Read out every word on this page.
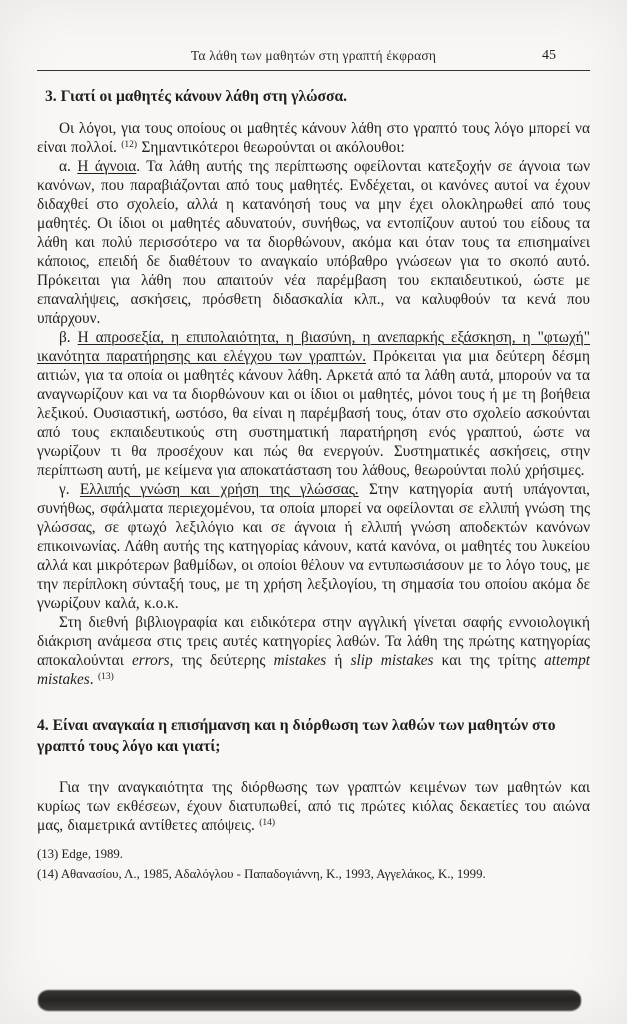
Τα λάθη των μαθητών στη γραπτή έκφραση	45
3. Γιατί οι μαθητές κάνουν λάθη στη γλώσσα.

Οι λόγοι, για τους οποίους οι μαθητές κάνουν λάθη στο γραπτό τους λόγο μπορεί να είναι πολλοί. $^{(12)}$ Σημαντικότεροι θεωρούνται οι ακόλουθοι:

α. Η άγνοια. Τα λάθη αυτής της περίπτωσης οφείλονται κατεξοχήν σε άγνοια των κανόνων, που παραβιάζονται από τους μαθητές. Ενδέχεται, οι κανόνες αυτοί να έχουν διδαχθεί στο σχολείο, αλλά η κατανόησή τους να μην έχει ολοκληρωθεί από τους μαθητές. Οι ίδιοι οι μαθητές αδυνατούν, συνήθως, να εντοπίζουν αυτού του είδους τα λάθη και πολύ περισσότερο να τα διορθώνουν, ακόμα και όταν τους τα επισημαίνει κάποιος, επειδή δε διαθέτουν το αναγκαίο υπόβαθρο γνώσεων για το σκοπό αυτό. Πρόκειται για λάθη που απαιτούν νέα παρέμβαση του εκπαιδευτικού, ώστε με επαναλήψεις, ασκήσεις, πρόσθετη διδασκαλία κλπ., να καλυφθούν τα κενά που υπάρχουν.

β. Η απροσεξία, η επιπολαιότητα, η βιασύνη, η ανεπαρκής εξάσκηση, η "φτωχή" ικανότητα παρατήρησης και ελέγχου των γραπτών. Πρόκειται για μια δεύτερη δέσμη αιτιών, για τα οποία οι μαθητές κάνουν λάθη. Αρκετά από τα λάθη αυτά, μπορούν να τα αναγνωρίζουν και να τα διορθώνουν και οι ίδιοι οι μαθητές, μόνοι τους ή με τη βοήθεια λεξικού. Ουσιαστική, ωστόσο, θα είναι η παρέμβασή τους, όταν στο σχολείο ασκούνται από τους εκπαιδευτικούς στη συστηματική παρατήρηση ενός γραπτού, ώστε να γνωρίζουν τι θα προσέχουν και πώς θα ενεργούν. Συστηματικές ασκήσεις, στην περίπτωση αυτή, με κείμενα για αποκατάσταση του λάθους, θεωρούνται πολύ χρήσιμες.

γ. Ελλιπής γνώση και χρήση της γλώσσας. Στην κατηγορία αυτή υπάγονται, συνήθως, σφάλματα περιεχομένου, τα οποία μπορεί να οφείλονται σε ελλιπή γνώση της γλώσσας, σε φτωχό λεξιλόγιο και σε άγνοια ή ελλιπή γνώση αποδεκτών κανόνων επικοινωνίας. Λάθη αυτής της κατηγορίας κάνουν, κατά κανόνα, οι μαθητές του λυκείου αλλά και μικρότερων βαθμίδων, οι οποίοι θέλουν να εντυπωσιάσουν με το λόγο τους, με την περίπλοκη σύνταξή τους, με τη χρήση λεξιλογίου, τη σημασία του οποίου ακόμα δε γνωρίζουν καλά, κ.ο.κ.

Στη διεθνή βιβλιογραφία και ειδικότερα στην αγγλική γίνεται σαφής εννοιολογική διάκριση ανάμεσα στις τρεις αυτές κατηγορίες λαθών. Τα λάθη της πρώτης κατηγορίας αποκαλούνται errors, της δεύτερης mistakes ή slip mistakes και της τρίτης attempt mistakes. $^{(13)}$

4. Είναι αναγκαία η επισήμανση και η διόρθωση των λαθών των μαθητών στο γραπτό τους λόγο και γιατί;

Για την αναγκαιότητα της διόρθωσης των γραπτών κειμένων των μαθητών και κυρίως των εκθέσεων, έχουν διατυπωθεί, από τις πρώτες κιόλας δεκαετίες του αιώνα μας, διαμετρικά αντίθετες απόψεις. $^{(14)}$

(13) Edge, 1989.

(14) Αθανασίου, Λ., 1985, Αδαλόγλου - Παπαδογιάννη, Κ., 1993, Αγγελάκος, Κ., 1999.
